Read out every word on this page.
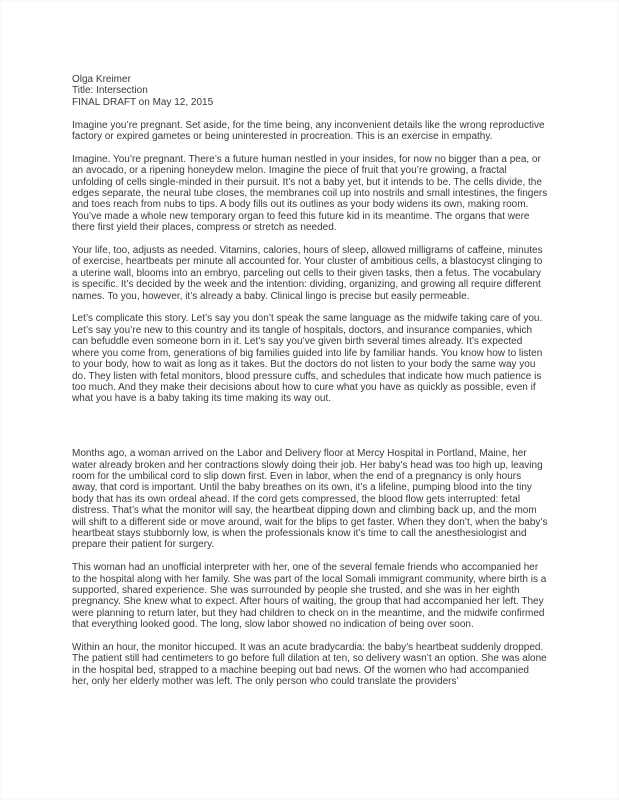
Olga Kreimer
Title: Intersection
FINAL DRAFT on May 12, 2015

Imagine you’re pregnant. Set aside, for the time being, any inconvenient details like the wrong reproductive factory or expired gametes or being uninterested in procreation. This is an exercise in empathy.

Imagine. You’re pregnant. There’s a future human nestled in your insides, for now no bigger than a pea, or an avocado, or a ripening honeydew melon. Imagine the piece of fruit that you’re growing, a fractal unfolding of cells single-minded in their pursuit. It’s not a baby yet, but it intends to be. The cells divide, the edges separate, the neural tube closes, the membranes coil up into nostrils and small intestines, the fingers and toes reach from nubs to tips. A body fills out its outlines as your body widens its own, making room. You’ve made a whole new temporary organ to feed this future kid in its meantime. The organs that were there first yield their places, compress or stretch as needed.

Your life, too, adjusts as needed. Vitamins, calories, hours of sleep, allowed milligrams of caffeine, minutes of exercise, heartbeats per minute all accounted for. Your cluster of ambitious cells, a blastocyst clinging to a uterine wall, blooms into an embryo, parceling out cells to their given tasks, then a fetus. The vocabulary is specific. It’s decided by the week and the intention: dividing, organizing, and growing all require different names. To you, however, it’s already a baby. Clinical lingo is precise but easily permeable.

Let’s complicate this story. Let’s say you don’t speak the same language as the midwife taking care of you. Let’s say you’re new to this country and its tangle of hospitals, doctors, and insurance companies, which can befuddle even someone born in it. Let’s say you’ve given birth several times already. It’s expected where you come from, generations of big families guided into life by familiar hands. You know how to listen to your body, how to wait as long as it takes. But the doctors do not listen to your body the same way you do. They listen with fetal monitors, blood pressure cuffs, and schedules that indicate how much patience is too much. And they make their decisions about how to cure what you have as quickly as possible, even if what you have is a baby taking its time making its way out.

Months ago, a woman arrived on the Labor and Delivery floor at Mercy Hospital in Portland, Maine, her water already broken and her contractions slowly doing their job. Her baby’s head was too high up, leaving room for the umbilical cord to slip down first. Even in labor, when the end of a pregnancy is only hours away, that cord is important. Until the baby breathes on its own, it’s a lifeline, pumping blood into the tiny body that has its own ordeal ahead. If the cord gets compressed, the blood flow gets interrupted: fetal distress. That’s what the monitor will say, the heartbeat dipping down and climbing back up, and the mom will shift to a different side or move around, wait for the blips to get faster. When they don’t, when the baby’s heartbeat stays stubbornly low, is when the professionals know it’s time to call the anesthesiologist and prepare their patient for surgery.

This woman had an unofficial interpreter with her, one of the several female friends who accompanied her to the hospital along with her family. She was part of the local Somali immigrant community, where birth is a supported, shared experience. She was surrounded by people she trusted, and she was in her eighth pregnancy. She knew what to expect. After hours of waiting, the group that had accompanied her left. They were planning to return later, but they had children to check on in the meantime, and the midwife confirmed that everything looked good. The long, slow labor showed no indication of being over soon.

Within an hour, the monitor hiccuped. It was an acute bradycardia: the baby’s heartbeat suddenly dropped. The patient still had centimeters to go before full dilation at ten, so delivery wasn’t an option. She was alone in the hospital bed, strapped to a machine beeping out bad news. Of the women who had accompanied her, only her elderly mother was left. The only person who could translate the providers’
